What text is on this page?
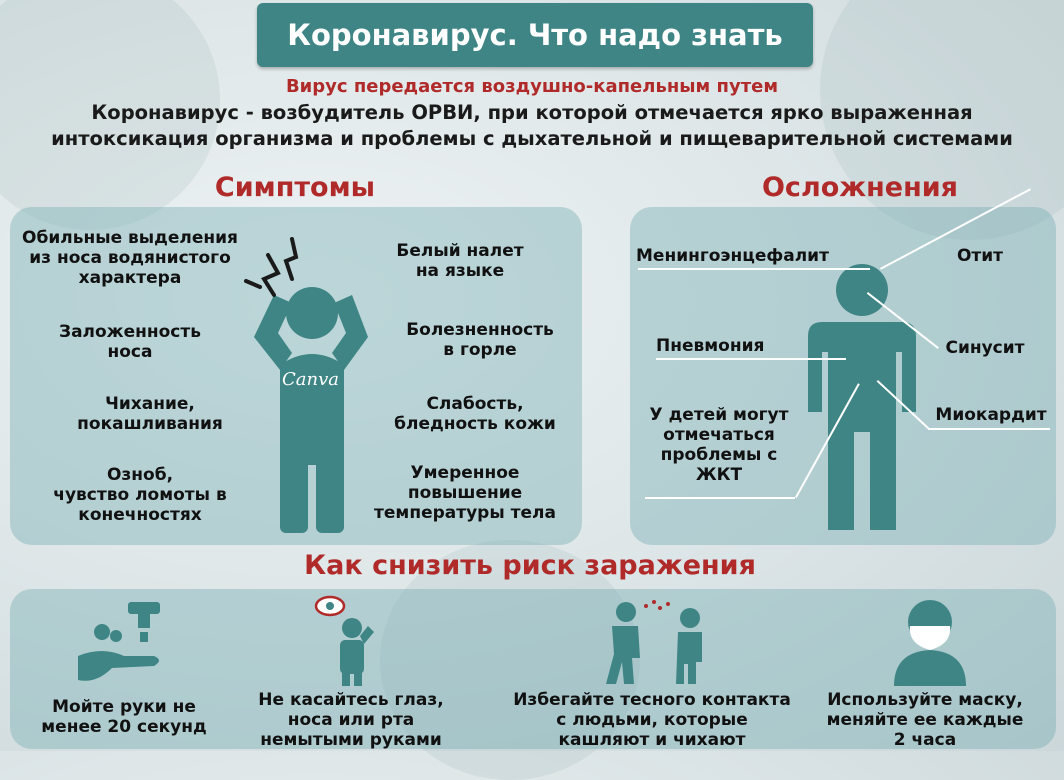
Коронавирус. Что надо знать
Вирус передается воздушно-капельным путем
Коронавирус - возбудитель ОРВИ, при которой отмечается ярко выраженная
интоксикация организма и проблемы с дыхательной и пищеварительной системами
Симптомы
Обильные выделения
из носа водянистого
характера
Заложенность
носа
Чихание,
покашливания
Озноб,
чувство ломоты в
конечностях
Белый налет
на языке
Болезненность
в горле
Слабость,
бледность кожи
Умеренное
повышение
температуры тела
Canva
Осложнения
Менингоэнцефалит	Отит
Пневмония	Синусит
Миокардит
У детей могут
отмечаться
проблемы с
ЖКТ
Как снизить риск заражения
Мойте руки не
менее 20 секунд
Не касайтесь глаз,
носа или рта
немытыми руками
Избегайте тесного контакта
с людьми, которые
кашляют и чихают
Используйте маску,
меняйте ее каждые
2 часа
